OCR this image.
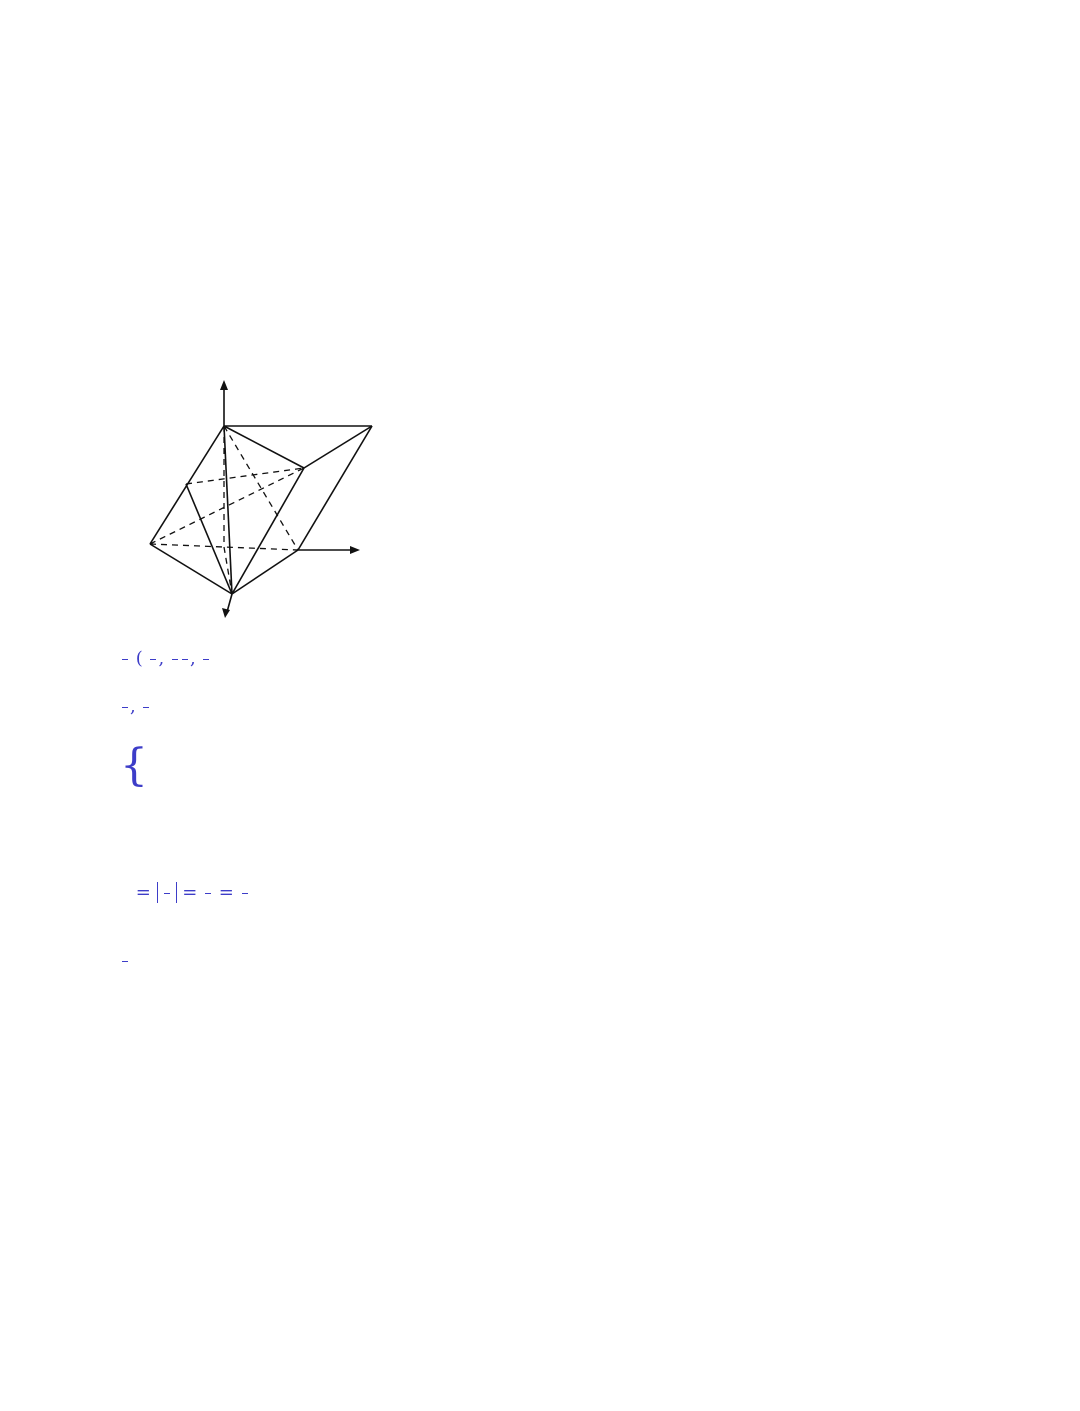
(
,
,
,
{
=
=
=
